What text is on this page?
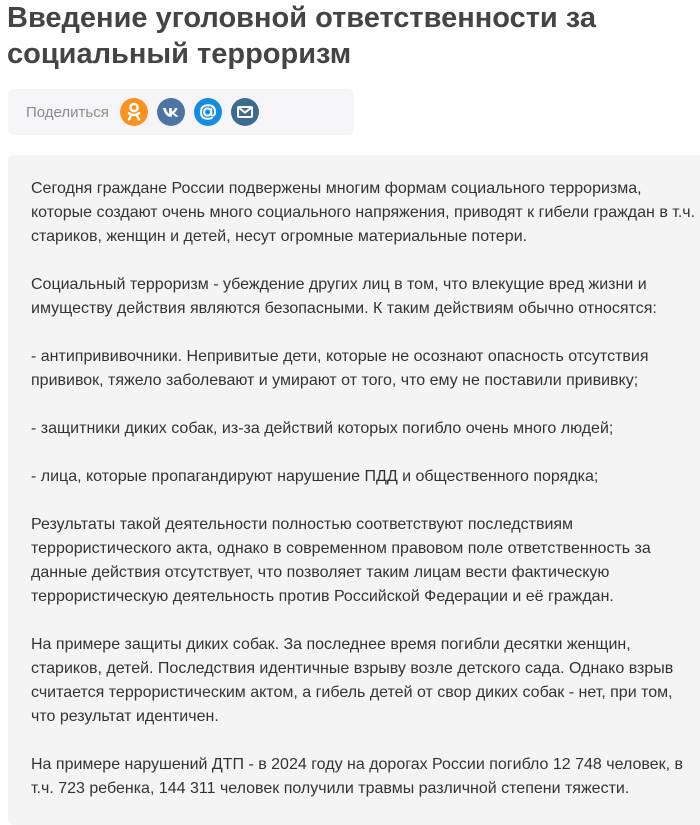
Введение уголовной ответственности за социальный терроризм
Поделиться

Сегодня граждане России подвержены многим формам социального терроризма, которые создают очень много социального напряжения, приводят к гибели граждан в т.ч. стариков, женщин и детей, несут огромные материальные потери.

Социальный терроризм - убеждение других лиц в том, что влекущие вред жизни и имуществу действия являются безопасными. К таким действиям обычно относятся:

- антипрививочники. Непривитые дети, которые не осознают опасность отсутствия прививок, тяжело заболевают и умирают от того, что ему не поставили прививку;

- защитники диких собак, из-за действий которых погибло очень много людей;

- лица, которые пропагандируют нарушение ПДД и общественного порядка;

Результаты такой деятельности полностью соответствуют последствиям террористического акта, однако в современном правовом поле ответственность за данные действия отсутствует, что позволяет таким лицам вести фактическую террористическую деятельность против Российской Федерации и её граждан.

На примере защиты диких собак. За последнее время погибли десятки женщин, стариков, детей. Последствия идентичные взрыву возле детского сада. Однако взрыв считается террористическим актом, а гибель детей от свор диких собак - нет, при том, что результат идентичен.

На примере нарушений ДТП - в 2024 году на дорогах России погибло 12 748 человек, в т.ч. 723 ребенка, 144 311 человек получили травмы различной степени тяжести.
